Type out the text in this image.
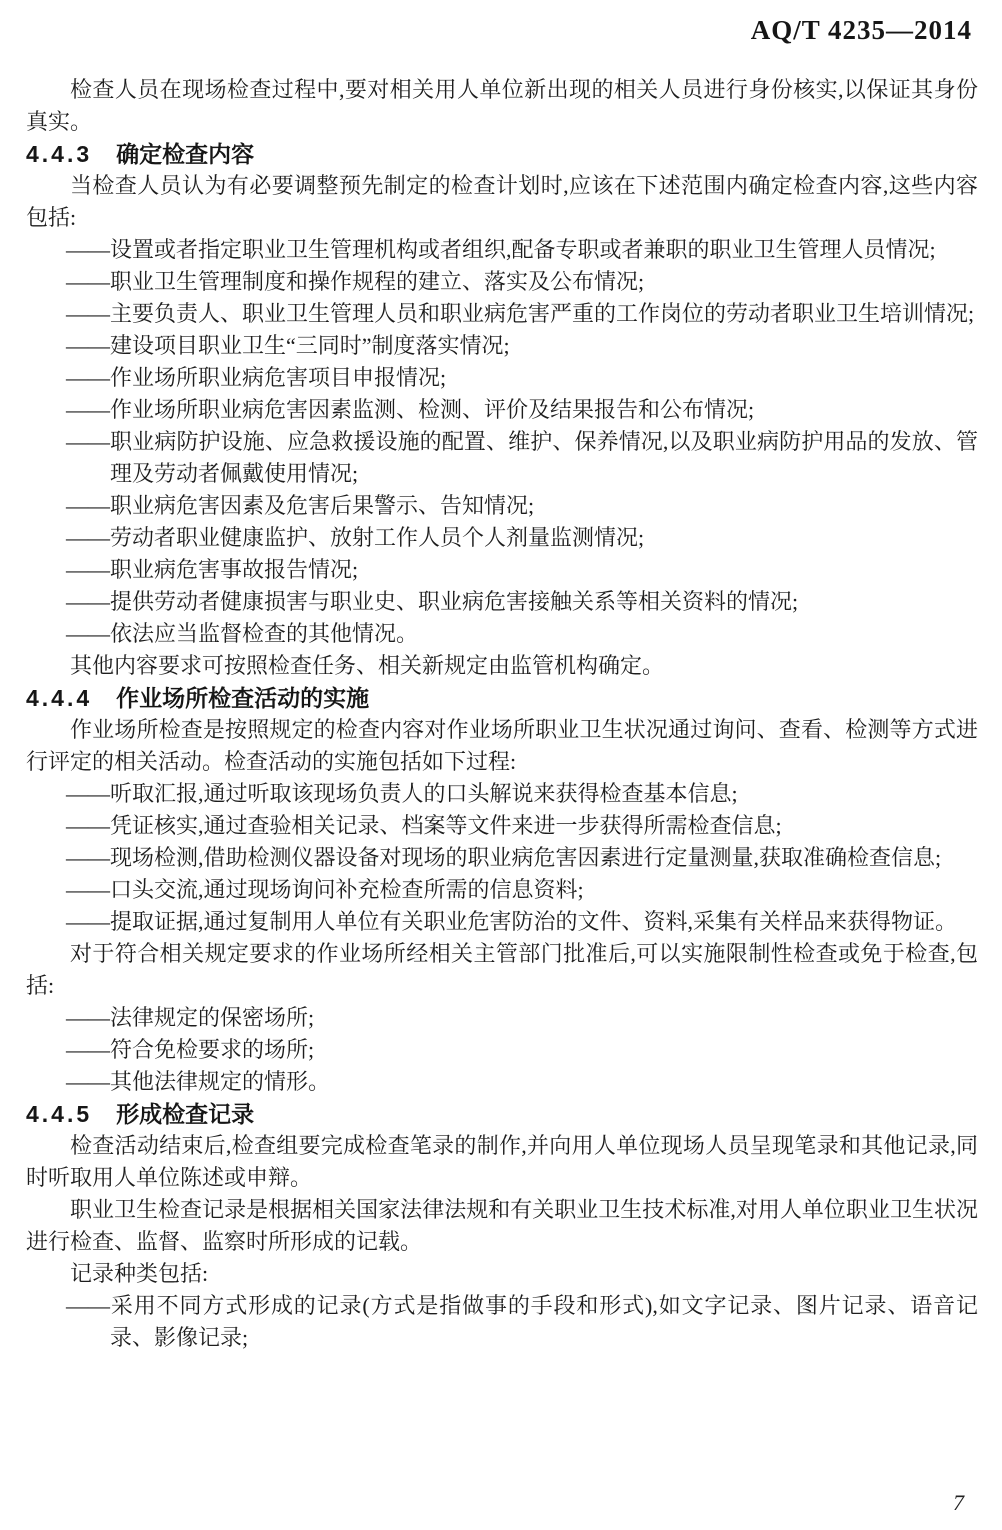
AQ/T 4235—2014

检查人员在现场检查过程中,要对相关用人单位新出现的相关人员进行身份核实,以保证其身份真实。

4.4.3 确定检查内容

当检查人员认为有必要调整预先制定的检查计划时,应该在下述范围内确定检查内容,这些内容包括:

——设置或者指定职业卫生管理机构或者组织,配备专职或者兼职的职业卫生管理人员情况;

——职业卫生管理制度和操作规程的建立、落实及公布情况;

——主要负责人、职业卫生管理人员和职业病危害严重的工作岗位的劳动者职业卫生培训情况;

——建设项目职业卫生“三同时”制度落实情况;

——作业场所职业病危害项目申报情况;

——作业场所职业病危害因素监测、检测、评价及结果报告和公布情况;

——职业病防护设施、应急救援设施的配置、维护、保养情况,以及职业病防护用品的发放、管理及劳动者佩戴使用情况;

——职业病危害因素及危害后果警示、告知情况;

——劳动者职业健康监护、放射工作人员个人剂量监测情况;

——职业病危害事故报告情况;

——提供劳动者健康损害与职业史、职业病危害接触关系等相关资料的情况;

——依法应当监督检查的其他情况。

其他内容要求可按照检查任务、相关新规定由监管机构确定。

4.4.4 作业场所检查活动的实施

作业场所检查是按照规定的检查内容对作业场所职业卫生状况通过询问、查看、检测等方式进行评定的相关活动。检查活动的实施包括如下过程:

——听取汇报,通过听取该现场负责人的口头解说来获得检查基本信息;

——凭证核实,通过查验相关记录、档案等文件来进一步获得所需检查信息;

——现场检测,借助检测仪器设备对现场的职业病危害因素进行定量测量,获取准确检查信息;

——口头交流,通过现场询问补充检查所需的信息资料;

——提取证据,通过复制用人单位有关职业危害防治的文件、资料,采集有关样品来获得物证。

对于符合相关规定要求的作业场所经相关主管部门批准后,可以实施限制性检查或免于检查,包括:

——法律规定的保密场所;

——符合免检要求的场所;

——其他法律规定的情形。

4.4.5 形成检查记录

检查活动结束后,检查组要完成检查笔录的制作,并向用人单位现场人员呈现笔录和其他记录,同时听取用人单位陈述或申辩。

职业卫生检查记录是根据相关国家法律法规和有关职业卫生技术标准,对用人单位职业卫生状况进行检查、监督、监察时所形成的记载。

记录种类包括:

——采用不同方式形成的记录(方式是指做事的手段和形式),如文字记录、图片记录、语音记录、影像记录;

7
